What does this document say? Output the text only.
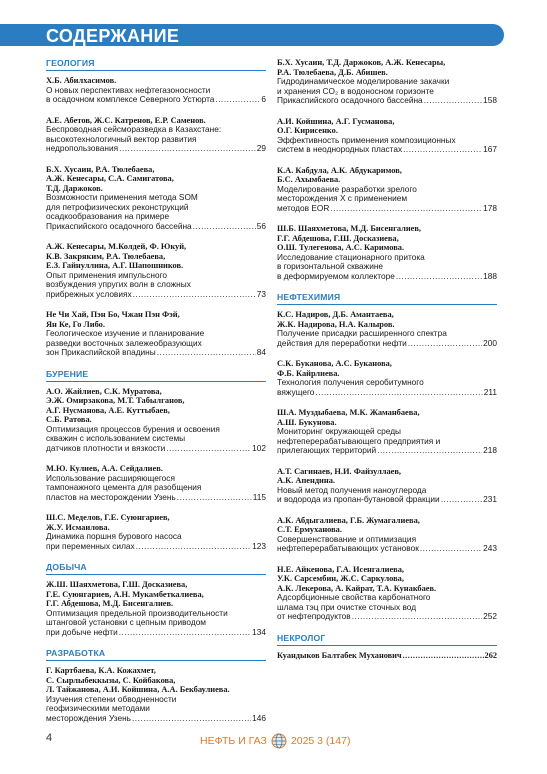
СОДЕРЖАНИЕ
ГЕОЛОГИЯ
Х.Б. Абилхасимов.
О новых перспективах нефтегазоносности
в осадочном комплексе Северного Устюрта .....	6
А.Е. Абетов, Ж.С. Катренов, Е.Р. Саменов.
Беспроводная сейсморазведка в Казахстане:
высокотехнологичный вектор развития
недропользования .....	29
Б.Х. Хусаин, Р.А. Тюлебаева,
А.Ж. Кенесары, С.А. Самигатова,
Т.Д. Даржоков.
Возможности применения метода SOM
для петрофизических реконструкций
осадкообразования на примере
Прикаспийского осадочного бассейна .....	56
А.Ж. Кенесары, М.Колдей, Ф. Юкуй,
К.В. Закряким, Р.А. Тюлебаева,
Е.З. Гайнуллина, А.Г. Шапошников.
Опыт применения импульсного
возбуждения упругих волн в сложных
прибрежных условиях .....	73
Не Чи Хай, Пэн Бо, Чжан Пэн Фэй,
Ян Ке, Го Либо.
Геологическое изучение и планирование
разведки восточных залежеобразующих
зон Прикаспийской впадины .....	84
БУРЕНИЕ
А.О. Жайлиев, С.К. Муратова,
Э.Ж. Омирзакова, М.Т. Табылганов,
А.Г. Нусманова, А.Е. Куттыбаев,
С.Б. Ратова.
Оптимизация процессов бурения и освоения
скважин с использованием системы
датчиков плотности и вязкости .....	102
М.Ю. Кулиев, А.А. Сейдалиев.
Использование расширяющегося
тампонажного цемента для разобщения
пластов на месторождении Узень .....	115
Ш.С. Меделов, Г.Е. Суюнгариев,
Ж.У. Исмаилова.
Динамика поршня бурового насоса
при переменных силах .....	123
ДОБЫЧА
Ж.Ш. Шаяхметова, Г.Ш. Досказиева,
Г.Е. Суюнгариев, А.Н. Мукамбеткалиева,
Г.Г. Абдешова, М.Д. Бисенгалиев.
Оптимизация предельной производительности
штанговой установки с цепным приводом
при добыче нефти .....	134
РАЗРАБОТКА
Г. Картбаева, К.А. Кожахмет,
С. Сырлыбеккызы, С. Койбакова,
Л. Тайжанова, А.И. Койшина, А.А. Бекбаулиева.
Изучения степени обводненности
геофизическими методами
месторождения Узень .....	146
Б.Х. Хусаин, Т.Д. Даржоков, А.Ж. Кенесары,
Р.А. Тюлебаева, Д.Б. Абишев.
Гидродинамическое моделирование закачки
и хранения CO₂ в водоносном горизонте
Прикаспийского осадочного бассейна .....	158
А.И. Койшина, А.Г. Гусманова,
О.Г. Кирисенко.
Эффективность применения композиционных
систем в неоднородных пластах .....	167
К.А. Кабдула, А.К. Абдукаримов,
Б.С. Ахымбаева.
Моделирование разработки зрелого
месторождения Х с применением
методов EOR .....	178
Ш.Б. Шаяхметова, М.Д. Бисенгалиев,
Г.Г. Абдешова, Г.Ш. Досказиева,
О.Ш. Тулегенова, А.С. Каримова.
Исследование стационарного притока
в горизонтальной скважине
в деформируемом коллекторе .....	188
НЕФТЕХИМИЯ
К.С. Надиров, Д.Б. Амантаева,
Ж.К. Надирова, Н.А. Калыров.
Получение присадки расширенного спектра
действия для переработки нефти .....	200
С.К. Буканова, А.С. Буканова,
Ф.Б. Кайрлиева.
Технология получения серобитумного
вяжущего .....	211
Ш.А. Муздыбаева, М.К. Жаманбаева,
А.Ш. Букунова.
Мониторинг окружающей среды
нефтеперерабатывающего предприятия и
прилегающих территорий .....	218
А.Т. Сагинаев, Н.И. Файзуллаев,
А.К. Апендина.
Новый метод получения наноуглерода
и водорода из пропан-бутановой фракции .....	231
А.К. Абдыгалиева, Г.Б. Жумагалиева,
С.Т. Ермуханова.
Совершенствование и оптимизация
нефтеперерабатывающих установок .....	243
Н.Е. Айкенова, Г.А. Исенгалиева,
У.К. Сарсембин, Ж.С. Саркулова,
А.К. Лекерова, А. Кайрат, Т.А. Кунакбаев.
Адсорбционные свойства карбонатного
шлама тэц при очистке сточных вод
от нефтепродуктов .....	252
НЕКРОЛОГ
Куандыков Балтабек Муханович .....	262
4	НЕФТЬ И ГАЗ 2025 3 (147)
